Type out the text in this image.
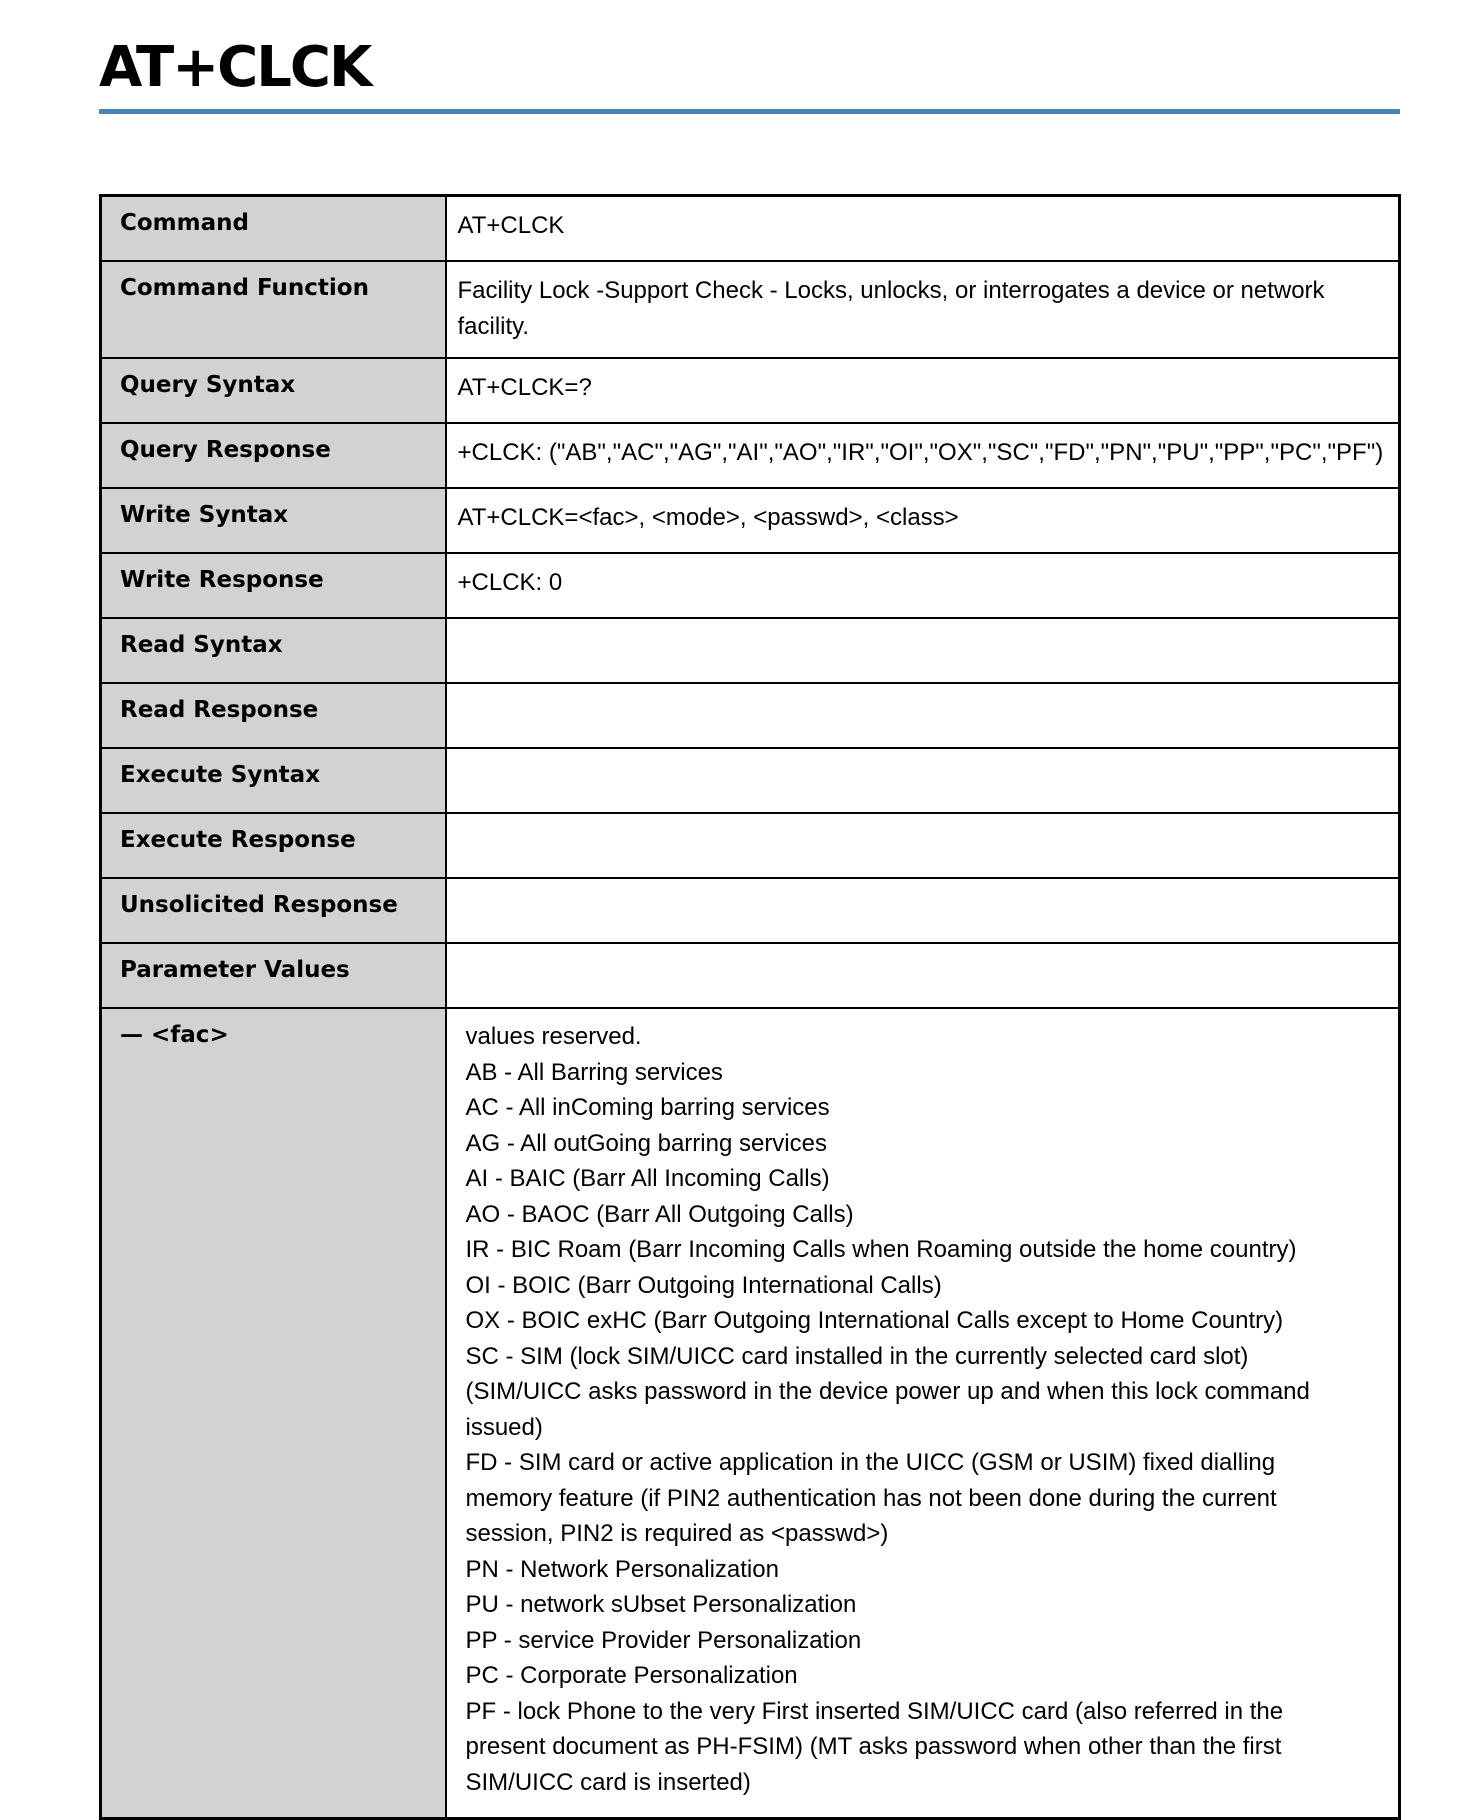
AT+CLCK
Command	AT+CLCK
Command Function	Facility Lock -Support Check - Locks, unlocks, or interrogates a device or network facility.
Query Syntax	AT+CLCK=?
Query Response	+CLCK: ("AB","AC","AG","AI","AO","IR","OI","OX","SC","FD","PN","PU","PP","PC","PF")
Write Syntax	AT+CLCK=<fac>, <mode>, <passwd>, <class>
Write Response	+CLCK: 0
Read Syntax	
Read Response	
Execute Syntax	
Execute Response	
Unsolicited Response	
Parameter Values	
— <fac>	values reserved.
AB - All Barring services
AC - All inComing barring services
AG - All outGoing barring services
AI - BAIC (Barr All Incoming Calls)
AO - BAOC (Barr All Outgoing Calls)
IR - BIC Roam (Barr Incoming Calls when Roaming outside the home country)
OI - BOIC (Barr Outgoing International Calls)
OX - BOIC exHC (Barr Outgoing International Calls except to Home Country)
SC - SIM (lock SIM/UICC card installed in the currently selected card slot)
(SIM/UICC asks password in the device power up and when this lock command
issued)
FD - SIM card or active application in the UICC (GSM or USIM) fixed dialling
memory feature (if PIN2 authentication has not been done during the current
session, PIN2 is required as <passwd>)
PN - Network Personalization
PU - network sUbset Personalization
PP - service Provider Personalization
PC - Corporate Personalization
PF - lock Phone to the very First inserted SIM/UICC card (also referred in the
present document as PH-FSIM) (MT asks password when other than the first
SIM/UICC card is inserted)
